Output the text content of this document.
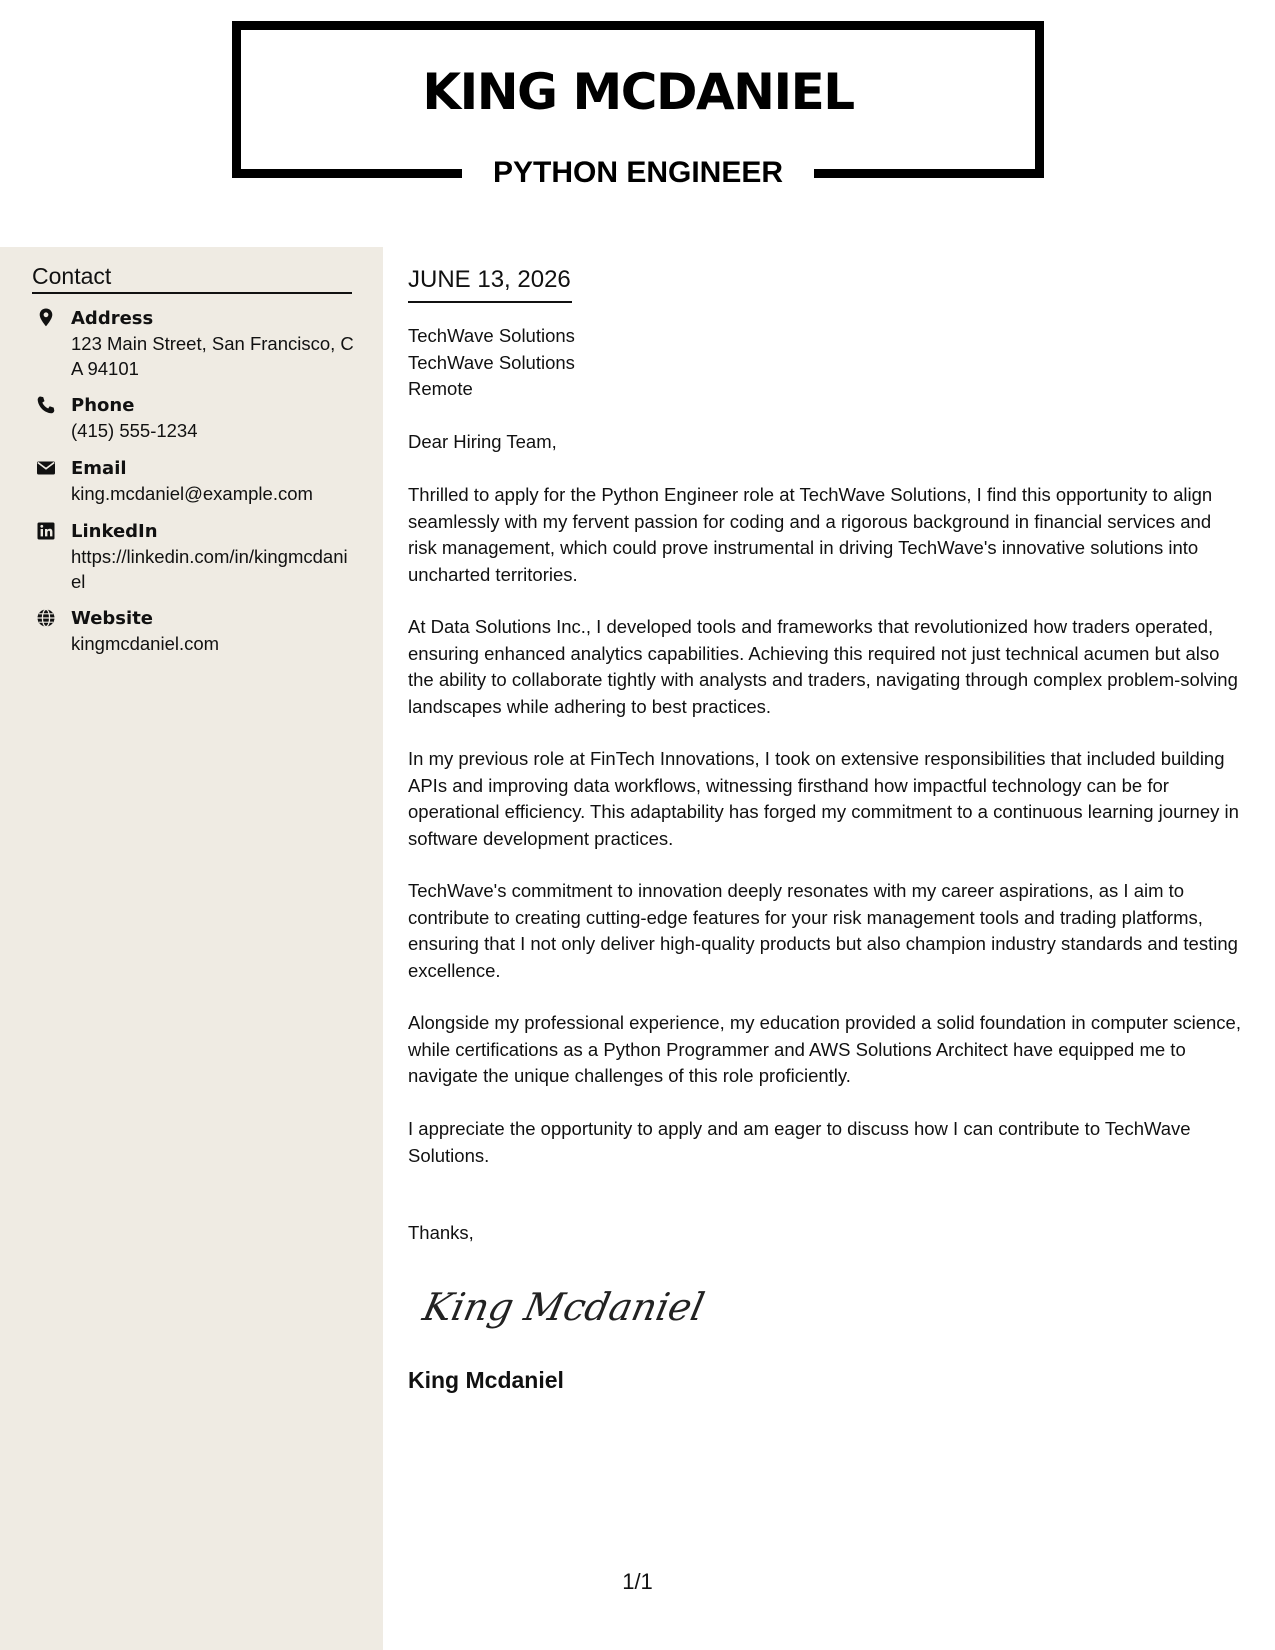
KING MCDANIEL
PYTHON ENGINEER
Contact
Address
123 Main Street, San Francisco, CA 94101
Phone
(415) 555-1234
Email
king.mcdaniel@example.com
LinkedIn
https://linkedin.com/in/kingmcdaniel
Website
kingmcdaniel.com
JUNE 13, 2026
TechWave Solutions
TechWave Solutions
Remote
Dear Hiring Team,
Thrilled to apply for the Python Engineer role at TechWave Solutions, I find this opportunity to align seamlessly with my fervent passion for coding and a rigorous background in financial services and risk management, which could prove instrumental in driving TechWave's innovative solutions into uncharted territories.
At Data Solutions Inc., I developed tools and frameworks that revolutionized how traders operated, ensuring enhanced analytics capabilities. Achieving this required not just technical acumen but also the ability to collaborate tightly with analysts and traders, navigating through complex problem-solving landscapes while adhering to best practices.
In my previous role at FinTech Innovations, I took on extensive responsibilities that included building APIs and improving data workflows, witnessing firsthand how impactful technology can be for operational efficiency. This adaptability has forged my commitment to a continuous learning journey in software development practices.
TechWave's commitment to innovation deeply resonates with my career aspirations, as I aim to contribute to creating cutting-edge features for your risk management tools and trading platforms, ensuring that I not only deliver high-quality products but also champion industry standards and testing excellence.
Alongside my professional experience, my education provided a solid foundation in computer science, while certifications as a Python Programmer and AWS Solutions Architect have equipped me to navigate the unique challenges of this role proficiently.
I appreciate the opportunity to apply and am eager to discuss how I can contribute to TechWave Solutions.
Thanks,
King Mcdaniel
King Mcdaniel
1/1
